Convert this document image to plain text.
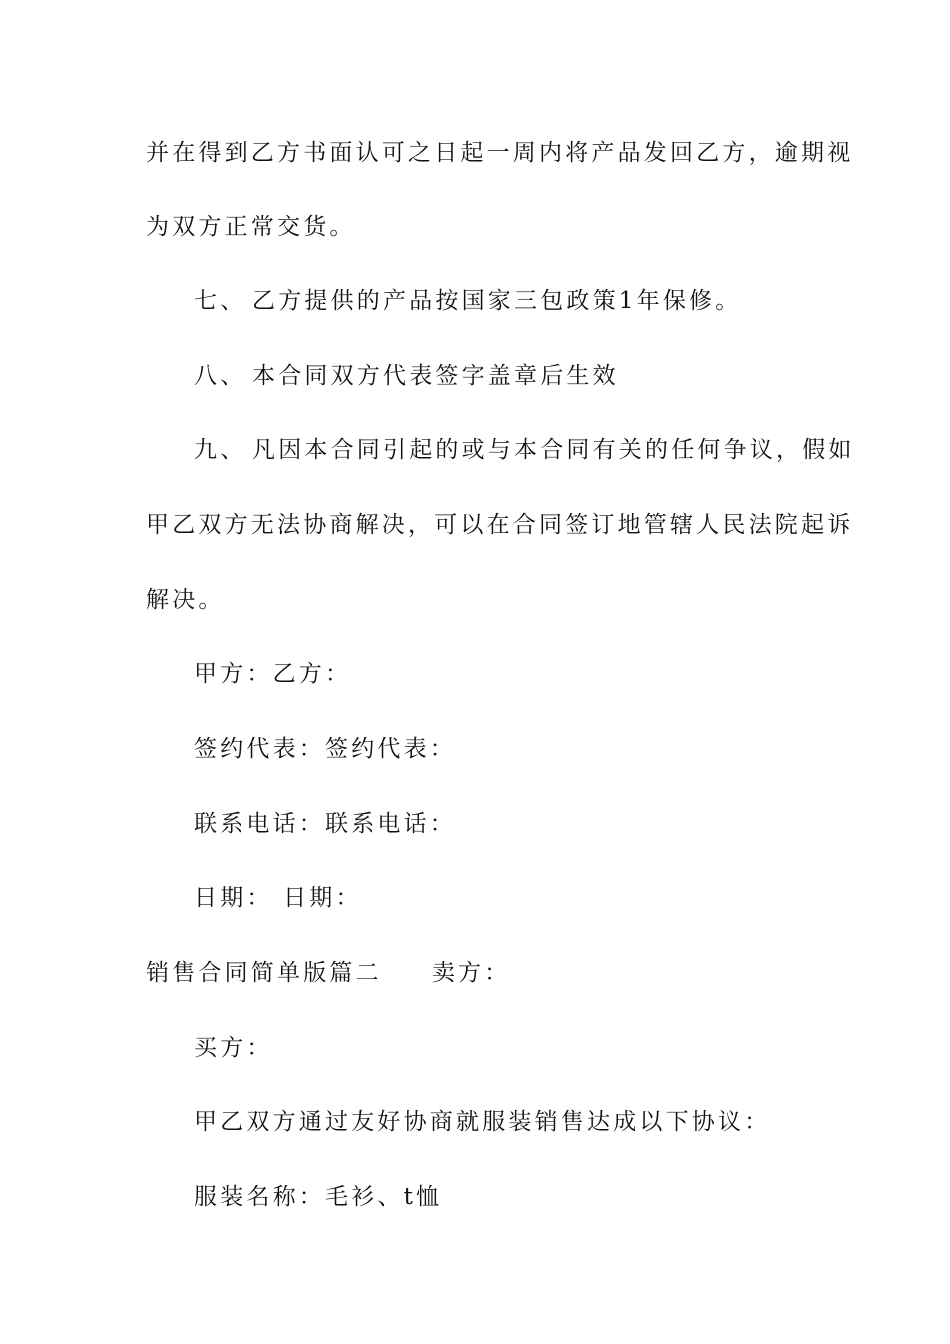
并在得到乙方书面认可之日起一周内将产品发回乙方，逾期视
为双方正常交货。
七、 乙方提供的产品按国家三包政策1年保修。
八、 本合同双方代表签字盖章后生效
九、 凡因本合同引起的或与本合同有关的任何争议，假如
甲乙双方无法协商解决，可以在合同签订地管辖人民法院起诉
解决。
甲方：乙方：
签约代表：签约代表：
联系电话：联系电话：
日期： 日期：
销售合同简单版篇二 卖方：
买方：
甲乙双方通过友好协商就服装销售达成以下协议：
服装名称：毛衫、t恤
